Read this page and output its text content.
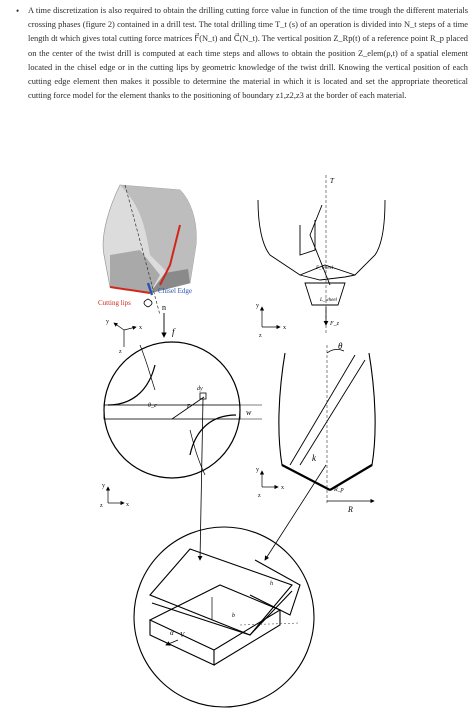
• A time discretization is also required to obtain the drilling cutting force value in function of the time trough the different materials crossing phases (figure 2) contained in a drill test. The total drilling time T_t (s) of an operation is divided into N_t steps of a time length dt which gives total cutting force matrices F⃗(N_t) and C⃗(N_t). The vertical position Z_Rp(t) of a reference point R_p placed on the center of the twist drill is computed at each time steps and allows to obtain the position Z_elem(ρ,t) of a spatial element located in the chisel edge or in the cutting lips by geometric knowledge of the twist drill. Knowing the vertical position of each cutting edge element then makes it possible to determine the material in which it is located and set the appropriate theoretical cutting force model for the element thanks to the positioning of boundary z1,z2,z3 at the border of each material.

Chisel Edge
Cutting lips	n
f
y
x
z
T
F_wheel
L_wheel
F_z
y
x
z
w
dy
r
θ_c
y
x
z
θ
k
R_p
R
y
x
z
α V
b
h
